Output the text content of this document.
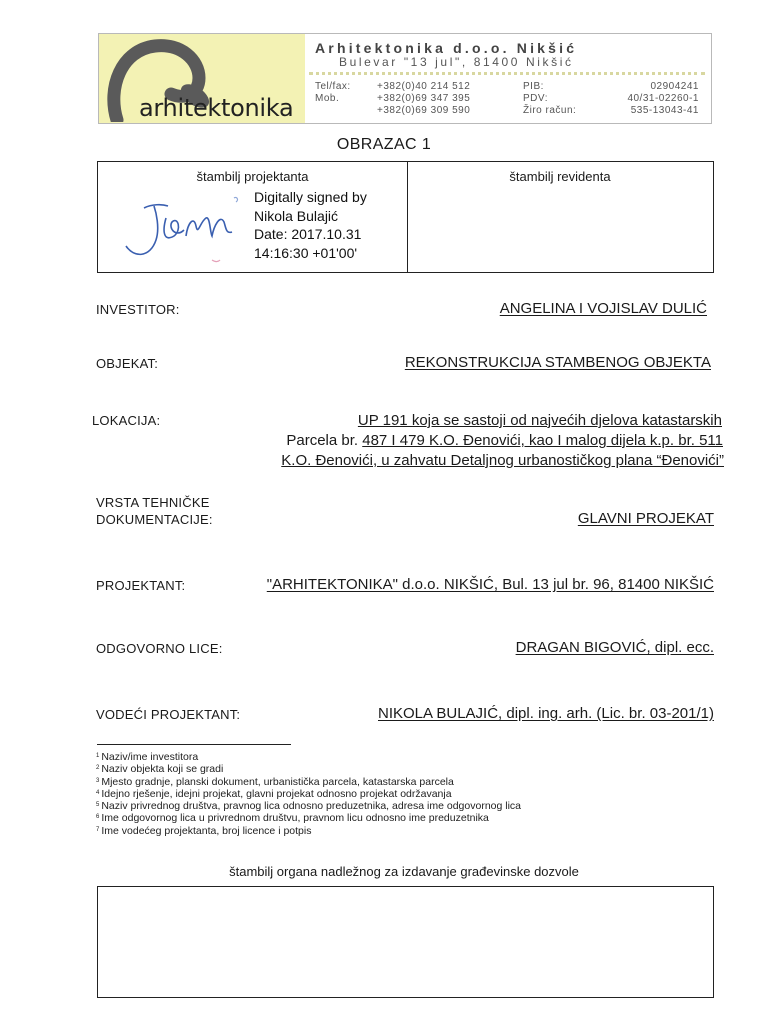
arhitektonika
Arhitektonika d.o.o. Nikšić
Bulevar "13 jul", 81400 Nikšić
Tel/fax:	+382(0)40 214 512	PIB:	02904241
Mob.	+382(0)69 347 395	PDV:	40/31-02260-1
+382(0)69 309 590	Žiro račun:	535-13043-41
OBRAZAC 1
štambilj projektanta	štambilj revidenta
Digitally signed by
Nikola Bulajić
Date: 2017.10.31
14:16:30 +01'00'
INVESTITOR:	ANGELINA I VOJISLAV DULIĆ
OBJEKAT:	REKONSTRUKCIJA STAMBENOG OBJEKTA
LOKACIJA:	UP 191 koja se sastoji od najvećih djelova katastarskih
Parcela br. 487 I 479 K.O. Đenovići, kao I malog dijela k.p. br. 511
K.O. Đenovići, u zahvatu Detaljnog urbanostičkog plana “Đenovići”
VRSTA TEHNIČKE
DOKUMENTACIJE:	GLAVNI PROJEKAT
PROJEKTANT:	"ARHITEKTONIKA" d.o.o. NIKŠIĆ, Bul. 13 jul br. 96, 81400 NIKŠIĆ
ODGOVORNO LICE:	DRAGAN BIGOVIĆ, dipl. ecc.
VODEĆI PROJEKTANT:	NIKOLA BULAJIĆ, dipl. ing. arh. (Lic. br. 03-201/1)
$^1$ Naziv/ime investitora
$^2$ Naziv objekta koji se gradi
$^3$ Mjesto gradnje, planski dokument, urbanistička parcela, katastarska parcela
$^4$ Idejno rješenje, idejni projekat, glavni projekat odnosno projekat održavanja
$^5$ Naziv privrednog društva, pravnog lica odnosno preduzetnika, adresa ime odgovornog lica
$^6$ Ime odgovornog lica u privrednom društvu, pravnom licu odnosno ime preduzetnika
$^7$ Ime vodećeg projektanta, broj licence i potpis
štambilj organa nadležnog za izdavanje građevinske dozvole
